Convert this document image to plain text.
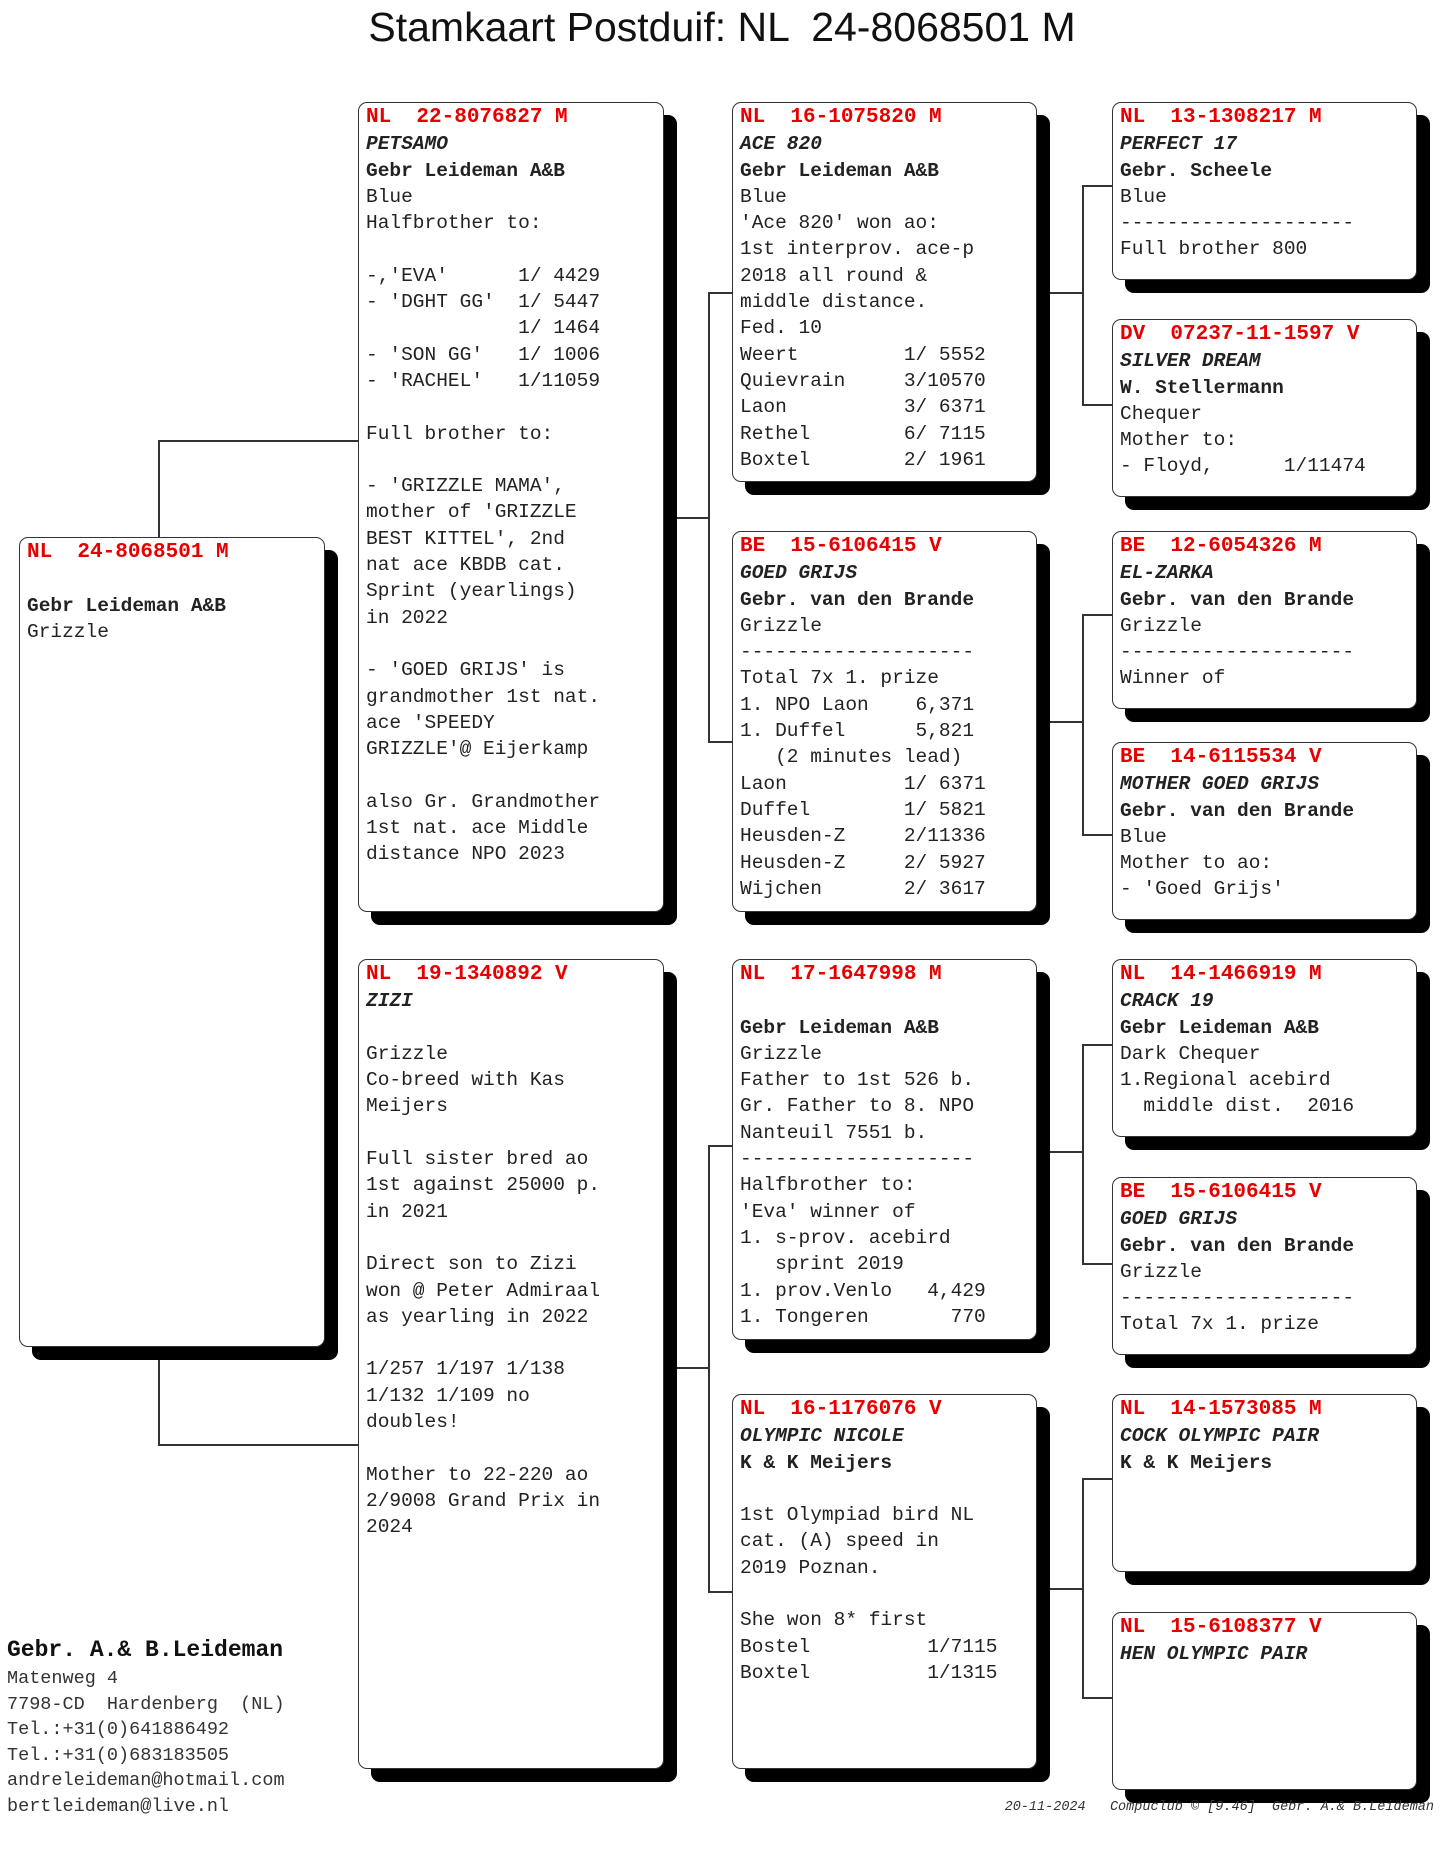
Stamkaart Postduif: NL  24-8068501 M
NL  24-8068501 M
Gebr Leideman A&B
Grizzle
NL  22-8076827 M
PETSAMO
Gebr Leideman A&B
Blue
Halfbrother to:
-,'EVA'      1/ 4429
- 'DGHT GG'  1/ 5447
1/ 1464
- 'SON GG'   1/ 1006
- 'RACHEL'   1/11059
Full brother to:
- 'GRIZZLE MAMA',
mother of 'GRIZZLE
BEST KITTEL', 2nd
nat ace KBDB cat.
Sprint (yearlings)
in 2022
- 'GOED GRIJS' is
grandmother 1st nat.
ace 'SPEEDY
GRIZZLE'@ Eijerkamp
also Gr. Grandmother
1st nat. ace Middle
distance NPO 2023
NL  19-1340892 V
ZIZI
Grizzle
Co-breed with Kas
Meijers
Full sister bred ao
1st against 25000 p.
in 2021
Direct son to Zizi
won @ Peter Admiraal
as yearling in 2022
1/257 1/197 1/138
1/132 1/109 no
doubles!
Mother to 22-220 ao
2/9008 Grand Prix in
2024
NL  16-1075820 M
ACE 820
Gebr Leideman A&B
Blue
'Ace 820' won ao:
1st interprov. ace-p
2018 all round &
middle distance.
Fed. 10
Weert         1/ 5552
Quievrain     3/10570
Laon          3/ 6371
Rethel        6/ 7115
Boxtel        2/ 1961
BE  15-6106415 V
GOED GRIJS
Gebr. van den Brande
Grizzle
--------------------
Total 7x 1. prize
1. NPO Laon    6,371
1. Duffel      5,821
(2 minutes lead)
Laon          1/ 6371
Duffel        1/ 5821
Heusden-Z     2/11336
Heusden-Z     2/ 5927
Wijchen       2/ 3617
NL  17-1647998 M
Gebr Leideman A&B
Grizzle
Father to 1st 526 b.
Gr. Father to 8. NPO
Nanteuil 7551 b.
--------------------
Halfbrother to:
'Eva' winner of
1. s-prov. acebird
sprint 2019
1. prov.Venlo   4,429
1. Tongeren       770
NL  16-1176076 V
OLYMPIC NICOLE
K & K Meijers
1st Olympiad bird NL
cat. (A) speed in
2019 Poznan.
She won 8* first
Bostel          1/7115
Boxtel          1/1315
NL  13-1308217 M
PERFECT 17
Gebr. Scheele
Blue
--------------------
Full brother 800
DV  07237-11-1597 V
SILVER DREAM
W. Stellermann
Chequer
Mother to:
- Floyd,      1/11474
BE  12-6054326 M
EL-ZARKA
Gebr. van den Brande
Grizzle
--------------------
Winner of
BE  14-6115534 V
MOTHER GOED GRIJS
Gebr. van den Brande
Blue
Mother to ao:
- 'Goed Grijs'
NL  14-1466919 M
CRACK 19
Gebr Leideman A&B
Dark Chequer
1.Regional acebird
middle dist.  2016
BE  15-6106415 V
GOED GRIJS
Gebr. van den Brande
Grizzle
--------------------
Total 7x 1. prize
NL  14-1573085 M
COCK OLYMPIC PAIR
K & K Meijers
NL  15-6108377 V
HEN OLYMPIC PAIR
Gebr. A.& B.Leideman
Matenweg 4
7798-CD  Hardenberg  (NL)
Tel.:+31(0)641886492
Tel.:+31(0)683183505
andreleideman@hotmail.com
bertleideman@live.nl	20-11-2024   Compuclub © [9.46]  Gebr. A.& B.Leideman
